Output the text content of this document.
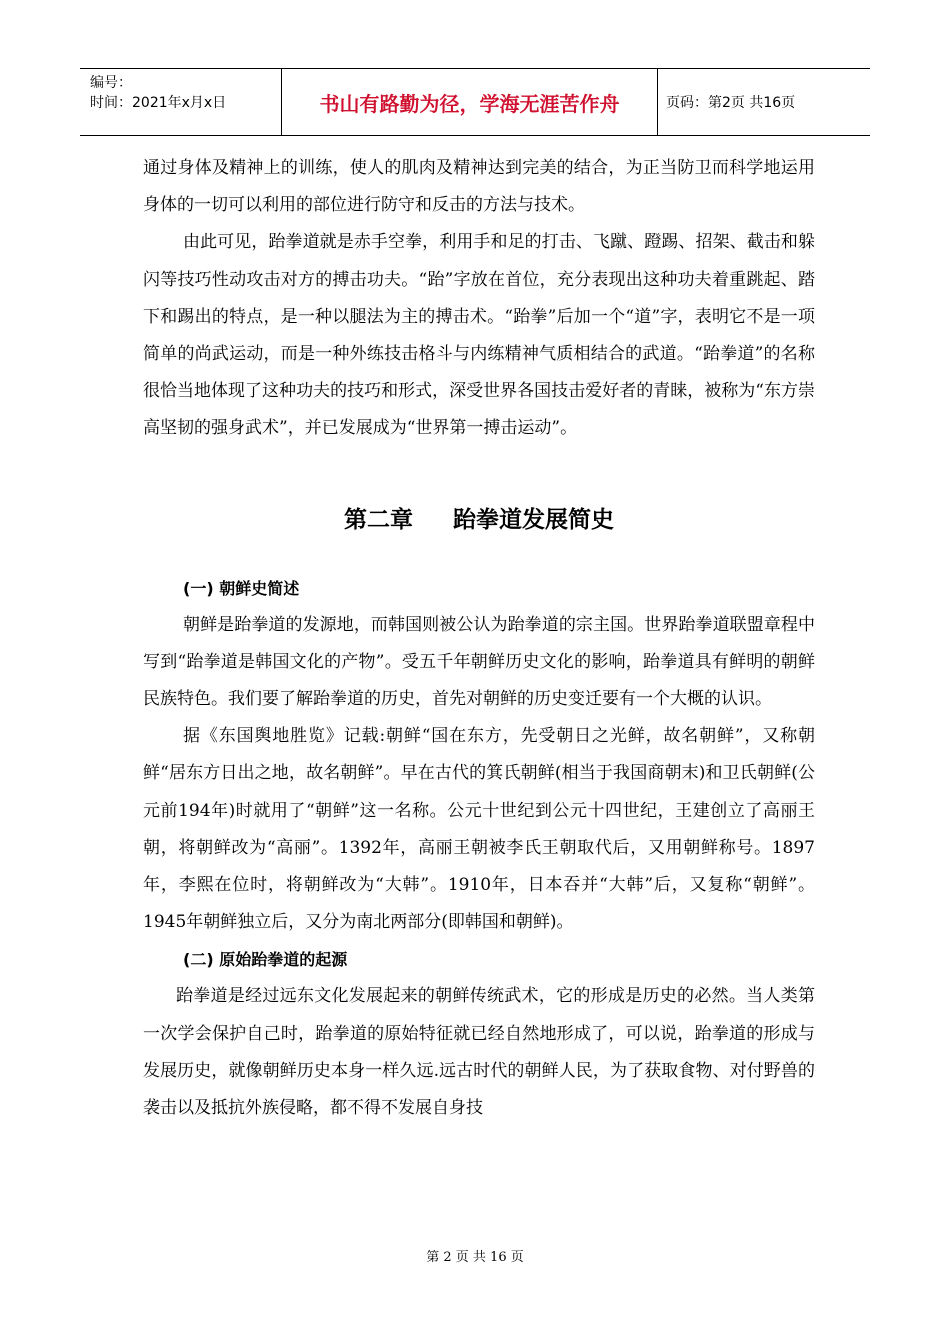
编号：
时间：2021年x月x日	书山有路勤为径，学海无涯苦作舟	页码：第2页 共16页

通过身体及精神上的训练，使人的肌肉及精神达到完美的结合，为正当防卫而科学地运用身体的一切可以利用的部位进行防守和反击的方法与技术。

由此可见，跆拳道就是赤手空拳，利用手和足的打击、飞蹴、蹬踢、招架、截击和躲闪等技巧性动攻击对方的搏击功夫。“跆”字放在首位，充分表现出这种功夫着重跳起、踏下和踢出的特点，是一种以腿法为主的搏击术。“跆拳”后加一个“道”字，表明它不是一项简单的尚武运动，而是一种外练技击格斗与内练精神气质相结合的武道。“跆拳道”的名称很恰当地体现了这种功夫的技巧和形式，深受世界各国技击爱好者的青睐，被称为“东方崇高坚韧的强身武术”，并已发展成为“世界第一搏击运动”。

第二章     跆拳道发展简史
(一) 朝鲜史简述

朝鲜是跆拳道的发源地，而韩国则被公认为跆拳道的宗主国。世界跆拳道联盟章程中写到“跆拳道是韩国文化的产物”。受五千年朝鲜历史文化的影响，跆拳道具有鲜明的朝鲜民族特色。我们要了解跆拳道的历史，首先对朝鲜的历史变迁要有一个大概的认识。

据《东国舆地胜览》记载:朝鲜“国在东方，先受朝日之光鲜，故名朝鲜”，又称朝鲜“居东方日出之地，故名朝鲜”。早在古代的箕氏朝鲜(相当于我国商朝末)和卫氏朝鲜(公元前194年)时就用了“朝鲜”这一名称。公元十世纪到公元十四世纪，王建创立了高丽王朝，将朝鲜改为“高丽”。1392年，高丽王朝被李氏王朝取代后，又用朝鲜称号。1897年，李熙在位时，将朝鲜改为“大韩”。1910年，日本吞并“大韩”后，又复称“朝鲜”。1945年朝鲜独立后，又分为南北两部分(即韩国和朝鲜)。

(二) 原始跆拳道的起源

跆拳道是经过远东文化发展起来的朝鲜传统武术，它的形成是历史的必然。当人类第一次学会保护自己时，跆拳道的原始特征就已经自然地形成了，可以说，跆拳道的形成与发展历史，就像朝鲜历史本身一样久远.远古时代的朝鲜人民，为了获取食物、对付野兽的袭击以及抵抗外族侵略，都不得不发展自身技

第 2 页 共 16 页
